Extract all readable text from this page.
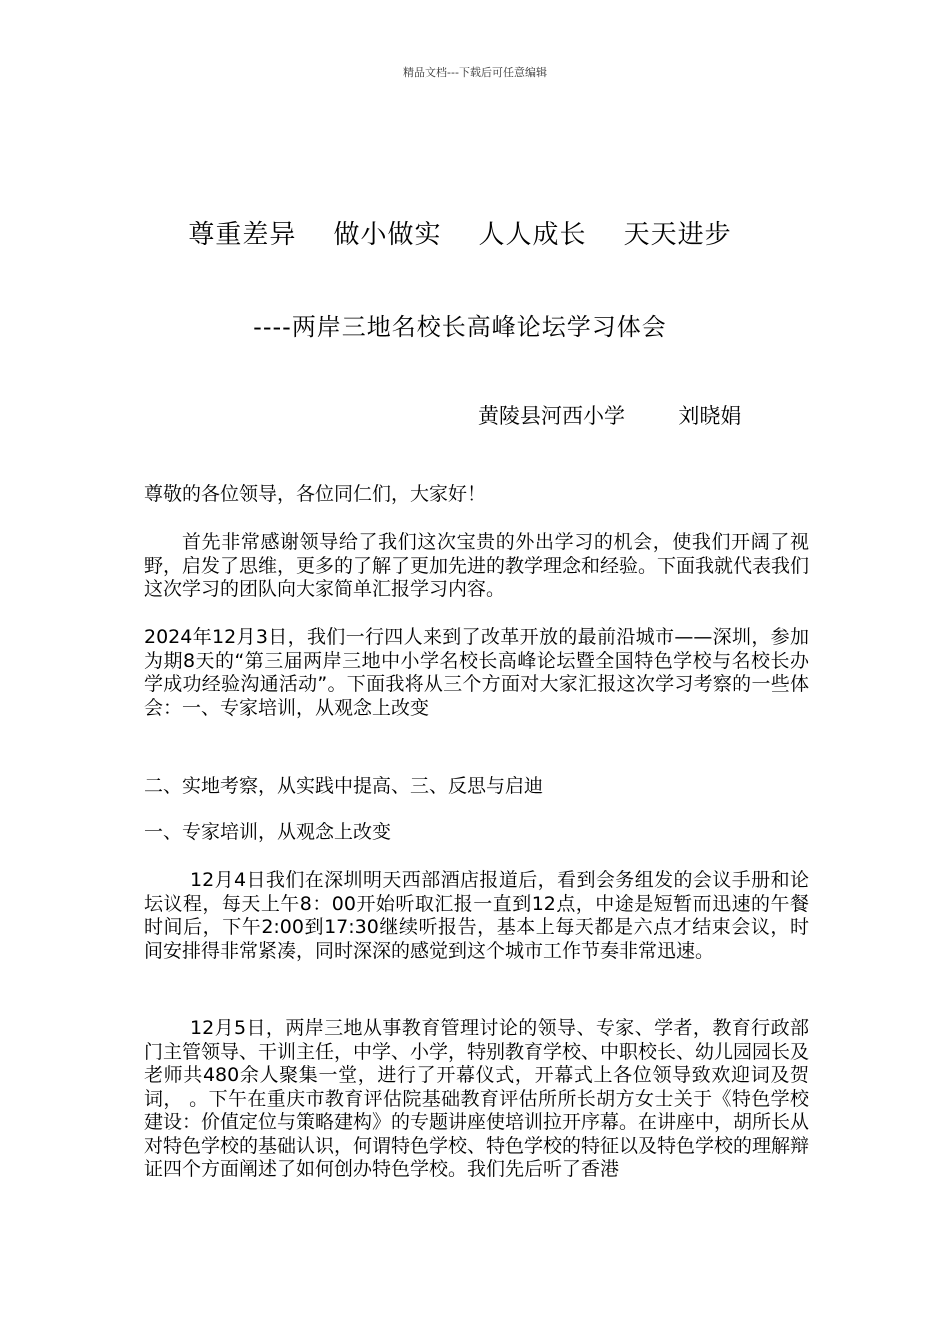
精品文档---下载后可任意编辑
尊重差异    做小做实    人人成长    天天进步
----两岸三地名校长高峰论坛学习体会
黄陵县河西小学        刘晓娟
尊敬的各位领导，各位同仁们，大家好！
首先非常感谢领导给了我们这次宝贵的外出学习的机会，使我们开阔了视野，启发了思维，更多的了解了更加先进的教学理念和经验。下面我就代表我们这次学习的团队向大家简单汇报学习内容。
2024年12月3日，我们一行四人来到了改革开放的最前沿城市——深圳，参加为期8天的“第三届两岸三地中小学名校长高峰论坛暨全国特色学校与名校长办学成功经验沟通活动”。下面我将从三个方面对大家汇报这次学习考察的一些体会：一、专家培训，从观念上改变
二、实地考察，从实践中提高、三、反思与启迪
一、专家培训，从观念上改变
12月4日我们在深圳明天西部酒店报道后，看到会务组发的会议手册和论坛议程，每天上午8：00开始听取汇报一直到12点，中途是短暂而迅速的午餐时间后，下午2:00到17:30继续听报告，基本上每天都是六点才结束会议，时间安排得非常紧凑，同时深深的感觉到这个城市工作节奏非常迅速。
12月5日，两岸三地从事教育管理讨论的领导、专家、学者，教育行政部门主管领导、干训主任，中学、小学，特别教育学校、中职校长、幼儿园园长及老师共480余人聚集一堂，进行了开幕仪式，开幕式上各位领导致欢迎词及贺词， 。下午在重庆市教育评估院基础教育评估所所长胡方女士关于《特色学校建设：价值定位与策略建构》的专题讲座使培训拉开序幕。在讲座中，胡所长从对特色学校的基础认识，何谓特色学校、特色学校的特征以及特色学校的理解辩证四个方面阐述了如何创办特色学校。我们先后听了香港
